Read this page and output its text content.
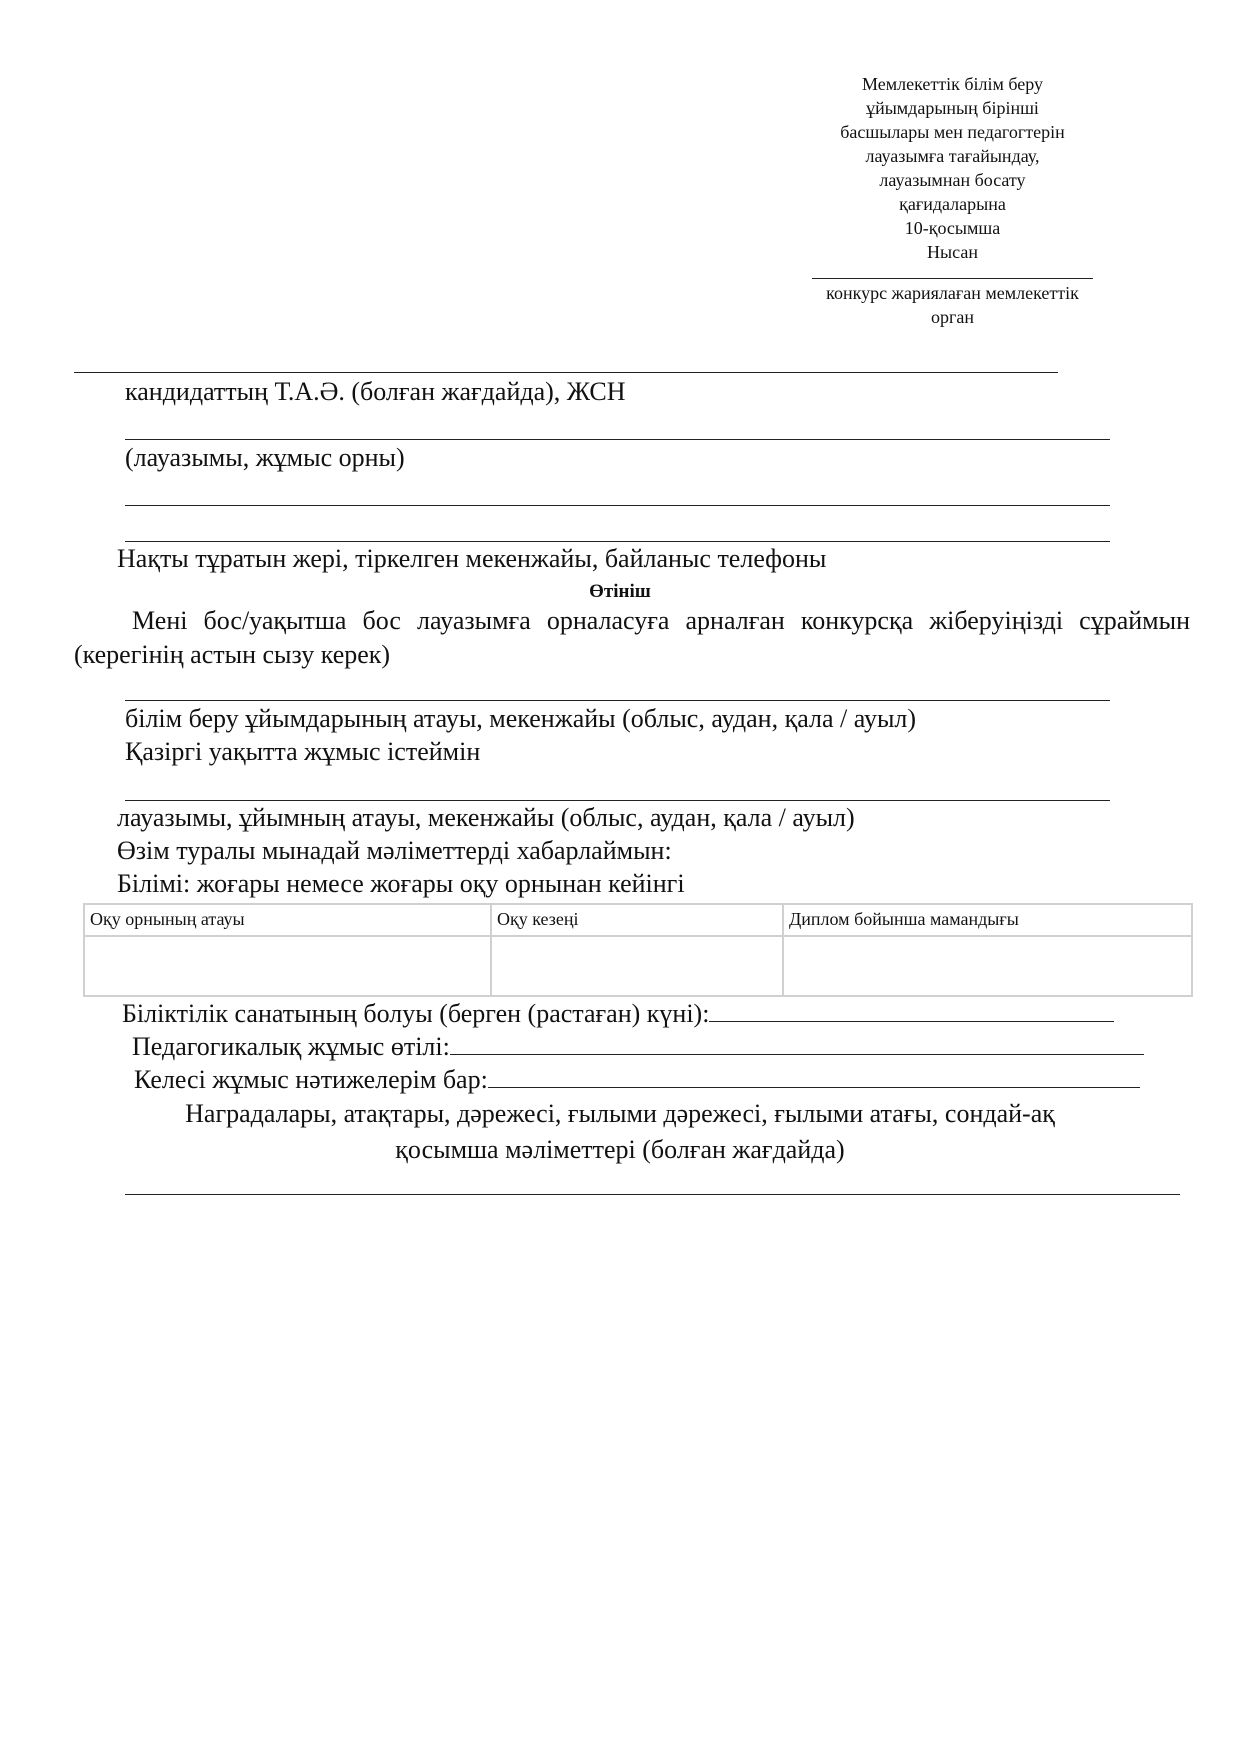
Мемлекеттік білім беру
ұйымдарының бірінші
басшылары мен педагогтерін
лауазымға тағайындау,
лауазымнан босату
қағидаларына
10-қосымша
Нысан
конкурс жариялаған мемлекеттік
орган
кандидаттың Т.А.Ә. (болған жағдайда), ЖСН
(лауазымы, жұмыс орны)
Нақты тұратын жері, тіркелген мекенжайы, байланыс телефоны
Өтініш
Мені бос/уақытша бос лауазымға орналасуға арналған конкурсқа жіберуіңізді сұраймын (керегінің астын сызу керек)
білім беру ұйымдарының атауы, мекенжайы (облыс, аудан, қала / ауыл)
Қазіргі уақытта жұмыс істеймін
лауазымы, ұйымның атауы, мекенжайы (облыс, аудан, қала / ауыл)
Өзім туралы мынадай мәліметтерді хабарлаймын:
Білімі: жоғары немесе жоғары оқу орнынан кейінгі
Оқу орнының атауы	Оқу кезеңі	Диплом бойынша мамандығы

Біліктілік санатының болуы (берген (растаған) күні):
Педагогикалық жұмыс өтілі:
Келесі жұмыс нәтижелерім бар:
Наградалары, атақтары, дәрежесі, ғылыми дәрежесі, ғылыми атағы, сондай-ақ
қосымша мәліметтері (болған жағдайда)
